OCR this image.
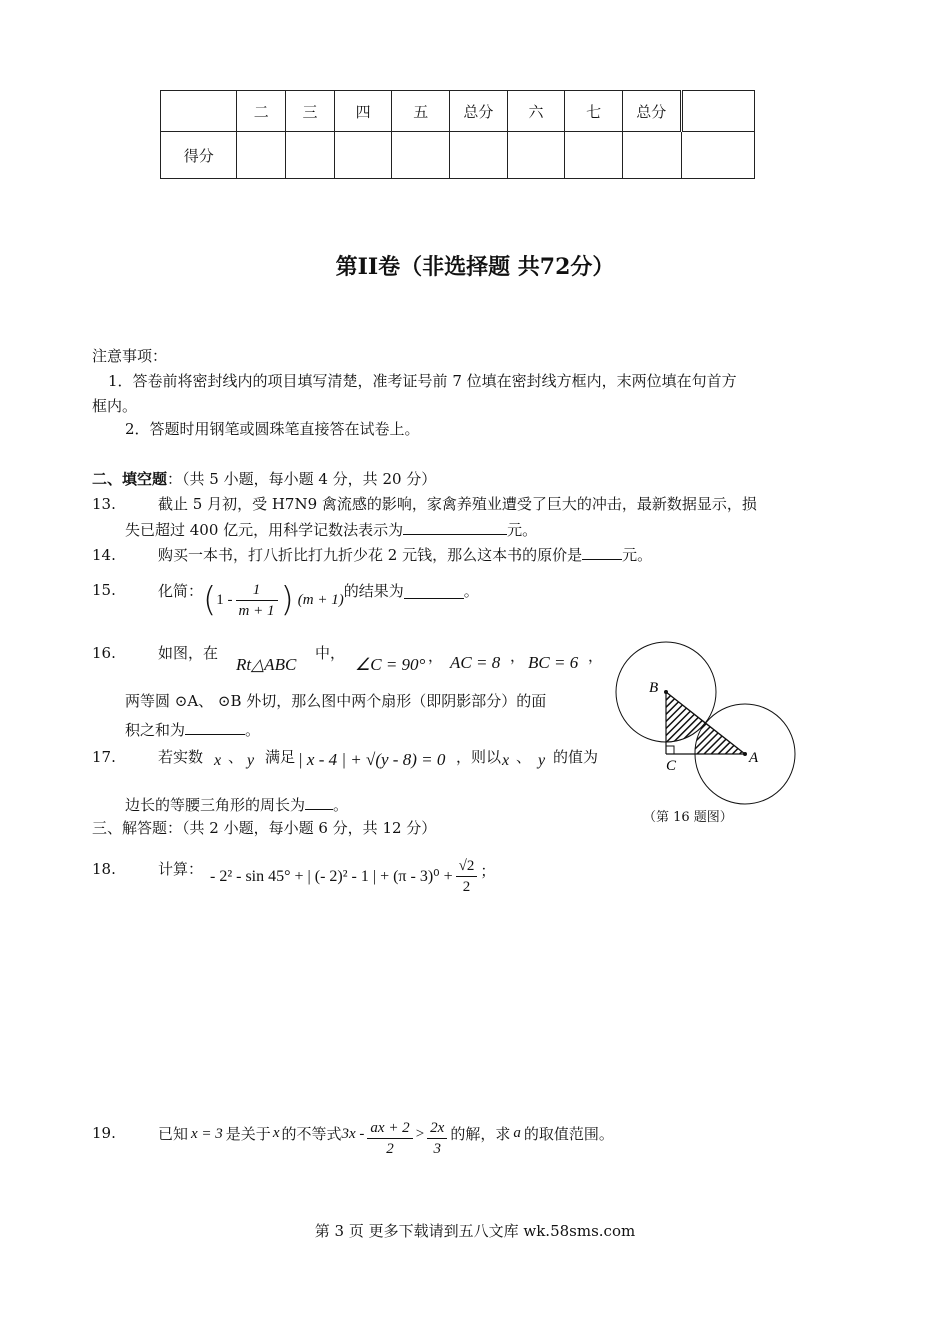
	二	三	四	五	总分	六	七	总分	
得分									
第II卷（非选择题 共72分）
注意事项：
1．答卷前将密封线内的项目填写清楚，准考证号前 7 位填在密封线方框内，末两位填在句首方
框内。
2．答题时用钢笔或圆珠笔直接答在试卷上。
二、填空题：（共 5 小题，每小题 4 分，共 20 分）
13.	截止 5 月初，受 H7N9 禽流感的影响，家禽养殖业遭受了巨大的冲击，最新数据显示，损
失已超过 400 亿元，用科学记数法表示为	元。
14.	购买一本书，打八折比打九折少花 2 元钱，那么这本书的原价是	元。
15.	化简： ( $1 - \frac{1}{m + 1}$ ) (m + 1) 的结果为	。
16.	如图，在
Rt△ABC
中，
∠C = 90° ， AC = 8 ， BC = 6 ，
两等圆 ⊙A、 ⊙B 外切，那么图中两个扇形（即阴影部分）的面
积之和为	。
B
C	A
（第 16 题图）
17.	若实数 x 、 y 满足 | x - 4 | + √(y - 8) = 0 ，则以 x 、 y 的值为
边长的等腰三角形的周长为 。
三、解答题：（共 2 小题，每小题 6 分，共 12 分）
18.	计算： - 2² - sin 45° + | (- 2)² - 1 | + $(\pi - 3)^0 + \frac{√2}{2}$ ；
19.	已知 x = 3 是关于 x 的不等式 $3x - \frac{ax + 2}{2} > \frac{2x}{3}$ 的解，求 a 的取值范围。
第 3 页 更多下载请到五八文库 wk.58sms.com
